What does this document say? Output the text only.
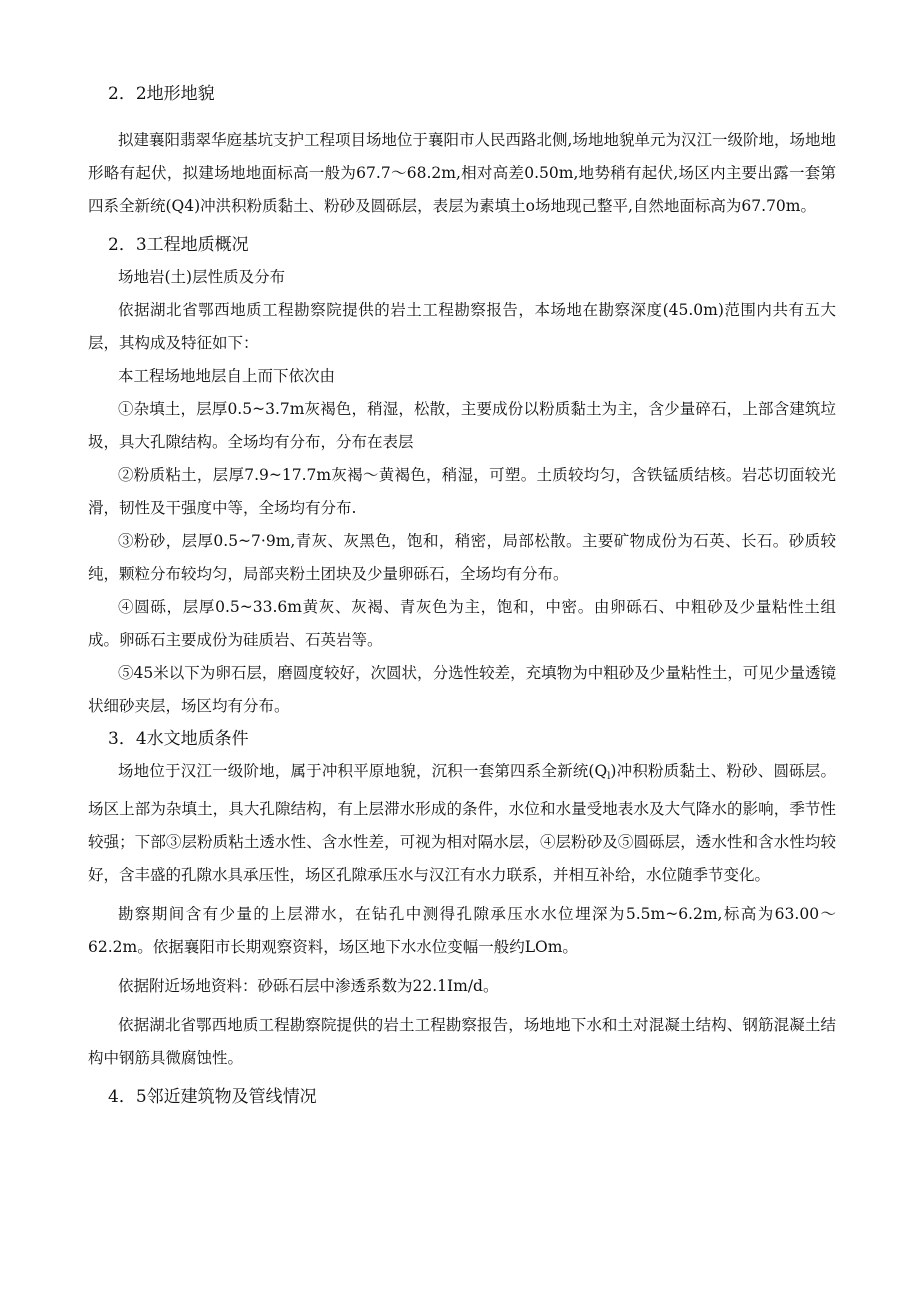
2．2地形地貌

拟建襄阳翡翠华庭基坑支护工程项目场地位于襄阳市人民西路北侧,场地地貌单元为汉江一级阶地，场地地形略有起伏，拟建场地地面标高一般为67.7～68.2m,相对高差0.50m,地势稍有起伏,场区内主要出露一套第四系全新统(Q4)冲洪积粉质黏土、粉砂及圆砾层，表层为素填土o场地现己整平,自然地面标高为67.70m。

2．3工程地质概况

场地岩(土)层性质及分布

依据湖北省鄂西地质工程勘察院提供的岩土工程勘察报告，本场地在勘察深度(45.0m)范围内共有五大层，其构成及特征如下：

本工程场地地层自上而下依次由

①杂填土，层厚0.5~3.7m灰褐色，稍湿，松散，主要成份以粉质黏土为主，含少量碎石，上部含建筑垃圾，具大孔隙结构。全场均有分布，分布在表层

②粉质粘土，层厚7.9~17.7m灰褐～黄褐色，稍湿，可塑。土质较均匀，含铁锰质结核。岩芯切面较光滑，韧性及干强度中等，全场均有分布.

③粉砂，层厚0.5~7·9m,青灰、灰黑色，饱和，稍密，局部松散。主要矿物成份为石英、长石。砂质较纯，颗粒分布较均匀，局部夹粉土团块及少量卵砾石，全场均有分布。

④圆砾，层厚0.5~33.6m黄灰、灰褐、青灰色为主，饱和，中密。由卵砾石、中粗砂及少量粘性土组成。卵砾石主要成份为硅质岩、石英岩等。

⑤45米以下为卵石层，磨圆度较好，次圆状，分选性较差，充填物为中粗砂及少量粘性土，可见少量透镜状细砂夹层，场区均有分布。

3．4水文地质条件

场地位于汉江一级阶地，属于冲积平原地貌，沉积一套第四系全新统$(Q_l)$冲积粉质黏土、粉砂、圆砾层。场区上部为杂填土，具大孔隙结构，有上层滞水形成的条件，水位和水量受地表水及大气降水的影响，季节性较强；下部③层粉质粘土透水性、含水性差，可视为相对隔水层，④层粉砂及⑤圆砾层，透水性和含水性均较好，含丰盛的孔隙水具承压性，场区孔隙承压水与汉江有水力联系，并相互补给，水位随季节变化。

勘察期间含有少量的上层滞水，在钻孔中测得孔隙承压水水位埋深为5.5m~6.2m,标高为63.00～62.2m。依据襄阳市长期观察资料，场区地下水水位变幅一般约LOm。

依据附近场地资料：砂砾石层中渗透系数为22.1Im/d。

依据湖北省鄂西地质工程勘察院提供的岩土工程勘察报告，场地地下水和土对混凝土结构、钢筋混凝土结构中钢筋具微腐蚀性。

4．5邻近建筑物及管线情况
